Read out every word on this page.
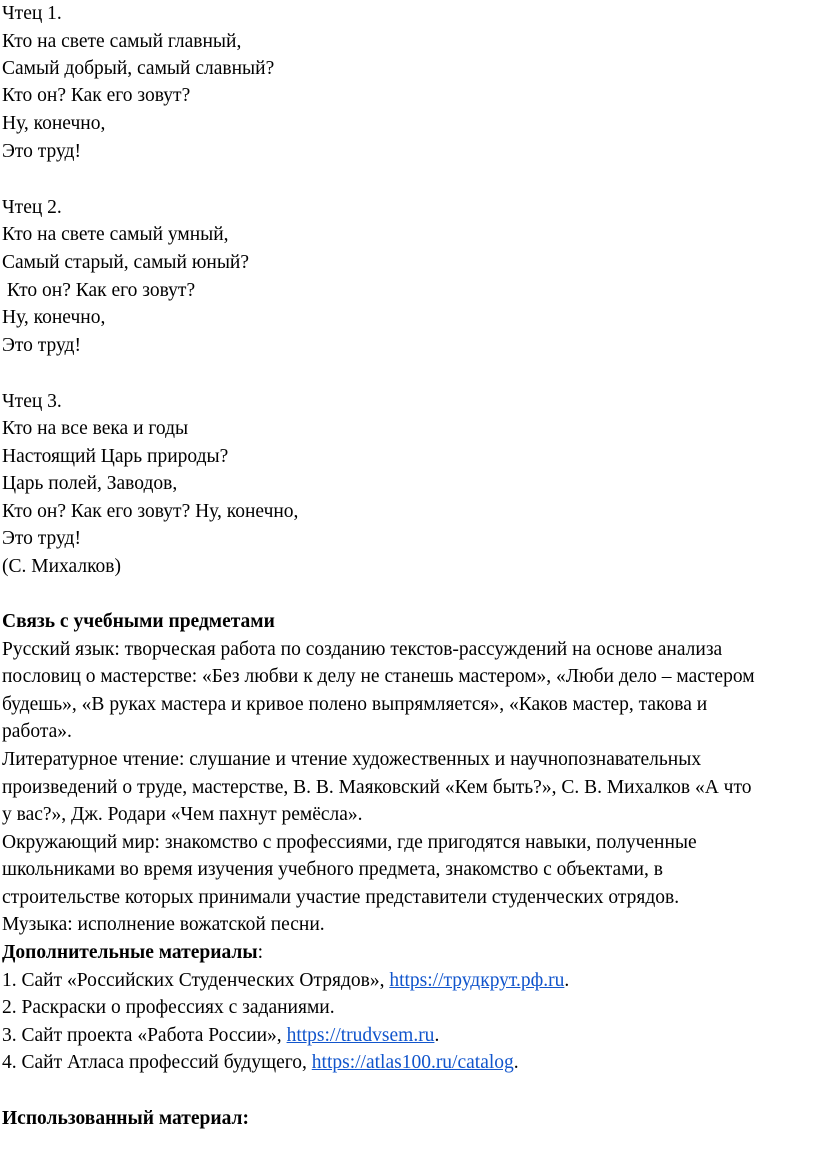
Чтец 1.
Кто на свете самый главный,
Самый добрый, самый славный?
Кто он? Как его зовут?
Ну, конечно,
Это труд!
Чтец 2.
Кто на свете самый умный,
Самый старый, самый юный?
Кто он? Как его зовут?
Ну, конечно,
Это труд!
Чтец 3.
Кто на все века и годы
Настоящий Царь природы?
Царь полей, Заводов,
Кто он? Как его зовут? Ну, конечно,
Это труд!
(С. Михалков)
Связь с учебными предметами
Русский язык: творческая работа по созданию текстов-рассуждений на основе анализа
пословиц о мастерстве: «Без любви к делу не станешь мастером», «Люби дело – мастером
будешь», «В руках мастера и кривое полено выпрямляется», «Каков мастер, такова и
работа».
Литературное чтение: слушание и чтение художественных и научнопознавательных
произведений о труде, мастерстве, В. В. Маяковский «Кем быть?», С. В. Михалков «А что
у вас?», Дж. Родари «Чем пахнут ремёсла».
Окружающий мир: знакомство с профессиями, где пригодятся навыки, полученные
школьниками во время изучения учебного предмета, знакомство с объектами, в
строительстве которых принимали участие представители студенческих отрядов.
Музыка: исполнение вожатской песни.
Дополнительные материалы:
1. Сайт «Российских Студенческих Отрядов», https://трудкрут.рф.ru.
2. Раскраски о профессиях с заданиями.
3. Сайт проекта «Работа России», https://trudvsem.ru.
4. Сайт Атласа профессий будущего, https://atlas100.ru/catalog.
Использованный материал:
